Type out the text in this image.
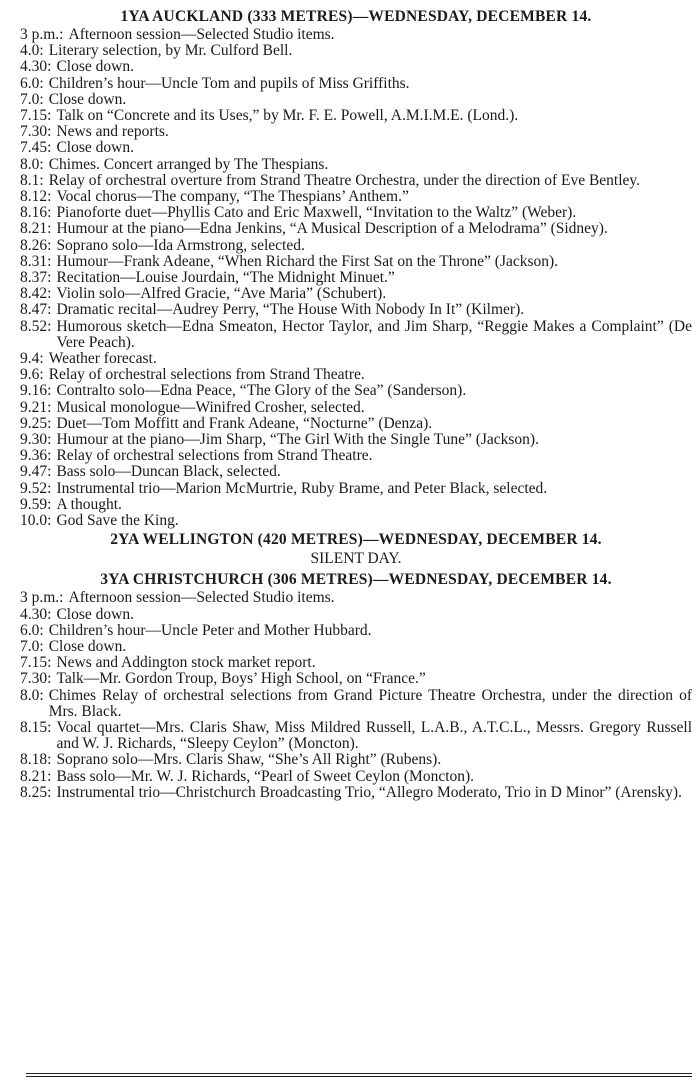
1YA AUCKLAND (333 METRES)—WEDNESDAY, DECEMBER 14.
3 p.m.: Afternoon session—Selected Studio items.
4.0: Literary selection, by Mr. Culford Bell.
4.30: Close down.
6.0: Children’s hour—Uncle Tom and pupils of Miss Griffiths.
7.0: Close down.
7.15: Talk on “Concrete and its Uses,” by Mr. F. E. Powell, A.M.I.M.E. (Lond.).
7.30: News and reports.
7.45: Close down.
8.0: Chimes. Concert arranged by The Thespians.
8.1: Relay of orchestral overture from Strand Theatre Orchestra, under the direction of Eve Bentley.
8.12: Vocal chorus—The company, “The Thespians’ Anthem.”
8.16: Pianoforte duet—Phyllis Cato and Eric Maxwell, “Invitation to the Waltz” (Weber).
8.21: Humour at the piano—Edna Jenkins, “A Musical Description of a Melodrama” (Sidney).
8.26: Soprano solo—Ida Armstrong, selected.
8.31: Humour—Frank Adeane, “When Richard the First Sat on the Throne” (Jackson).
8.37: Recitation—Louise Jourdain, “The Midnight Minuet.”
8.42: Violin solo—Alfred Gracie, “Ave Maria” (Schubert).
8.47: Dramatic recital—Audrey Perry, “The House With Nobody In It” (Kilmer).
8.52: Humorous sketch—Edna Smeaton, Hector Taylor, and Jim Sharp, “Reggie Makes a Complaint” (De Vere Peach).
9.4: Weather forecast.
9.6: Relay of orchestral selections from Strand Theatre.
9.16: Contralto solo—Edna Peace, “The Glory of the Sea” (Sanderson).
9.21: Musical monologue—Winifred Crosher, selected.
9.25: Duet—Tom Moffitt and Frank Adeane, “Nocturne” (Denza).
9.30: Humour at the piano—Jim Sharp, “The Girl With the Single Tune” (Jackson).
9.36: Relay of orchestral selections from Strand Theatre.
9.47: Bass solo—Duncan Black, selected.
9.52: Instrumental trio—Marion McMurtrie, Ruby Brame, and Peter Black, selected.
9.59: A thought.
10.0: God Save the King.
2YA WELLINGTON (420 METRES)—WEDNESDAY, DECEMBER 14.
SILENT DAY.
3YA CHRISTCHURCH (306 METRES)—WEDNESDAY, DECEMBER 14.
3 p.m.: Afternoon session—Selected Studio items.
4.30: Close down.
6.0: Children’s hour—Uncle Peter and Mother Hubbard.
7.0: Close down.
7.15: News and Addington stock market report.
7.30: Talk—Mr. Gordon Troup, Boys’ High School, on “France.”
8.0: Chimes Relay of orchestral selections from Grand Picture Theatre Orchestra, under the direction of Mrs. Black.
8.15: Vocal quartet—Mrs. Claris Shaw, Miss Mildred Russell, L.A.B., A.T.C.L., Messrs. Gregory Russell and W. J. Richards, “Sleepy Ceylon” (Moncton).
8.18: Soprano solo—Mrs. Claris Shaw, “She’s All Right” (Rubens).
8.21: Bass solo—Mr. W. J. Richards, “Pearl of Sweet Ceylon (Moncton).
8.25: Instrumental trio—Christchurch Broadcasting Trio, “Allegro Moderato, Trio in D Minor” (Arensky).
